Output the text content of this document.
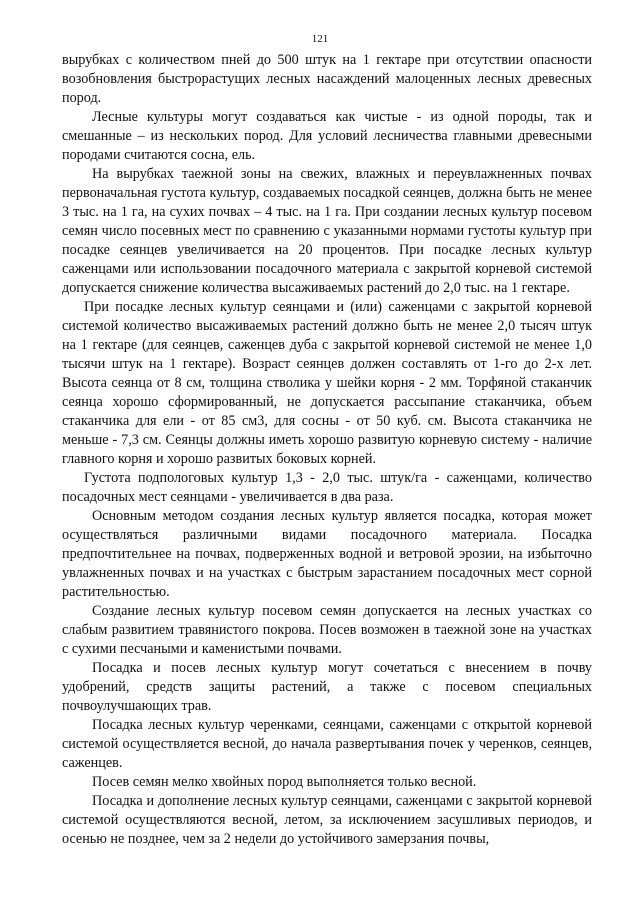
121

вырубках с количеством пней до 500 штук на 1 гектаре при отсутствии опасности возобновления быстрорастущих лесных насаждений малоценных лесных древесных пород.

Лесные культуры могут создаваться как чистые - из одной породы, так и смешанные – из нескольких пород. Для условий лесничества главными древесными породами считаются сосна, ель.

На вырубках таежной зоны на свежих, влажных и переувлажненных почвах первоначальная густота культур, создаваемых посадкой сеянцев, должна быть не менее 3 тыс. на 1 га, на сухих почвах – 4 тыс. на 1 га. При создании лесных культур посевом семян число посевных мест по сравнению с указанными нормами густоты культур при посадке сеянцев увеличивается на 20 процентов. При посадке лесных культур саженцами или использовании посадочного материала с закрытой корневой системой допускается снижение количества высаживаемых растений до 2,0 тыс. на 1 гектаре.

При посадке лесных культур сеянцами и (или) саженцами с закрытой корневой системой количество высаживаемых растений должно быть не менее 2,0 тысяч штук на 1 гектаре (для сеянцев, саженцев дуба с закрытой корневой системой не менее 1,0 тысячи штук на 1 гектаре). Возраст сеянцев должен составлять от 1-го до 2-х лет. Высота сеянца от 8 см, толщина стволика у шейки корня - 2 мм. Торфяной стаканчик сеянца хорошо сформированный, не допускается рассыпание стаканчика, объем стаканчика для ели - от 85 см3, для сосны - от 50 куб. см. Высота стаканчика не меньше - 7,3 см. Сеянцы должны иметь хорошо развитую корневую систему - наличие главного корня и хорошо развитых боковых корней.

Густота подпологовых культур 1,3 - 2,0 тыс. штук/га - саженцами, количество посадочных мест сеянцами - увеличивается в два раза.

Основным методом создания лесных культур является посадка, которая может осуществляться различными видами посадочного материала. Посадка предпочтительнее на почвах, подверженных водной и ветровой эрозии, на избыточно увлажненных почвах и на участках с быстрым зарастанием посадочных мест сорной растительностью.

Создание лесных культур посевом семян допускается на лесных участках со слабым развитием травянистого покрова. Посев возможен в таежной зоне на участках с сухими песчаными и каменистыми почвами.

Посадка и посев лесных культур могут сочетаться с внесением в почву удобрений, средств защиты растений, а также с посевом специальных почвоулучшающих трав.

Посадка лесных культур черенками, сеянцами, саженцами с открытой корневой системой осуществляется весной, до начала развертывания почек у черенков, сеянцев, саженцев.

Посев семян мелко хвойных пород выполняется только весной.

Посадка и дополнение лесных культур сеянцами, саженцами с закрытой корневой системой осуществляются весной, летом, за исключением засушливых периодов, и осенью не позднее, чем за 2 недели до устойчивого замерзания почвы,
